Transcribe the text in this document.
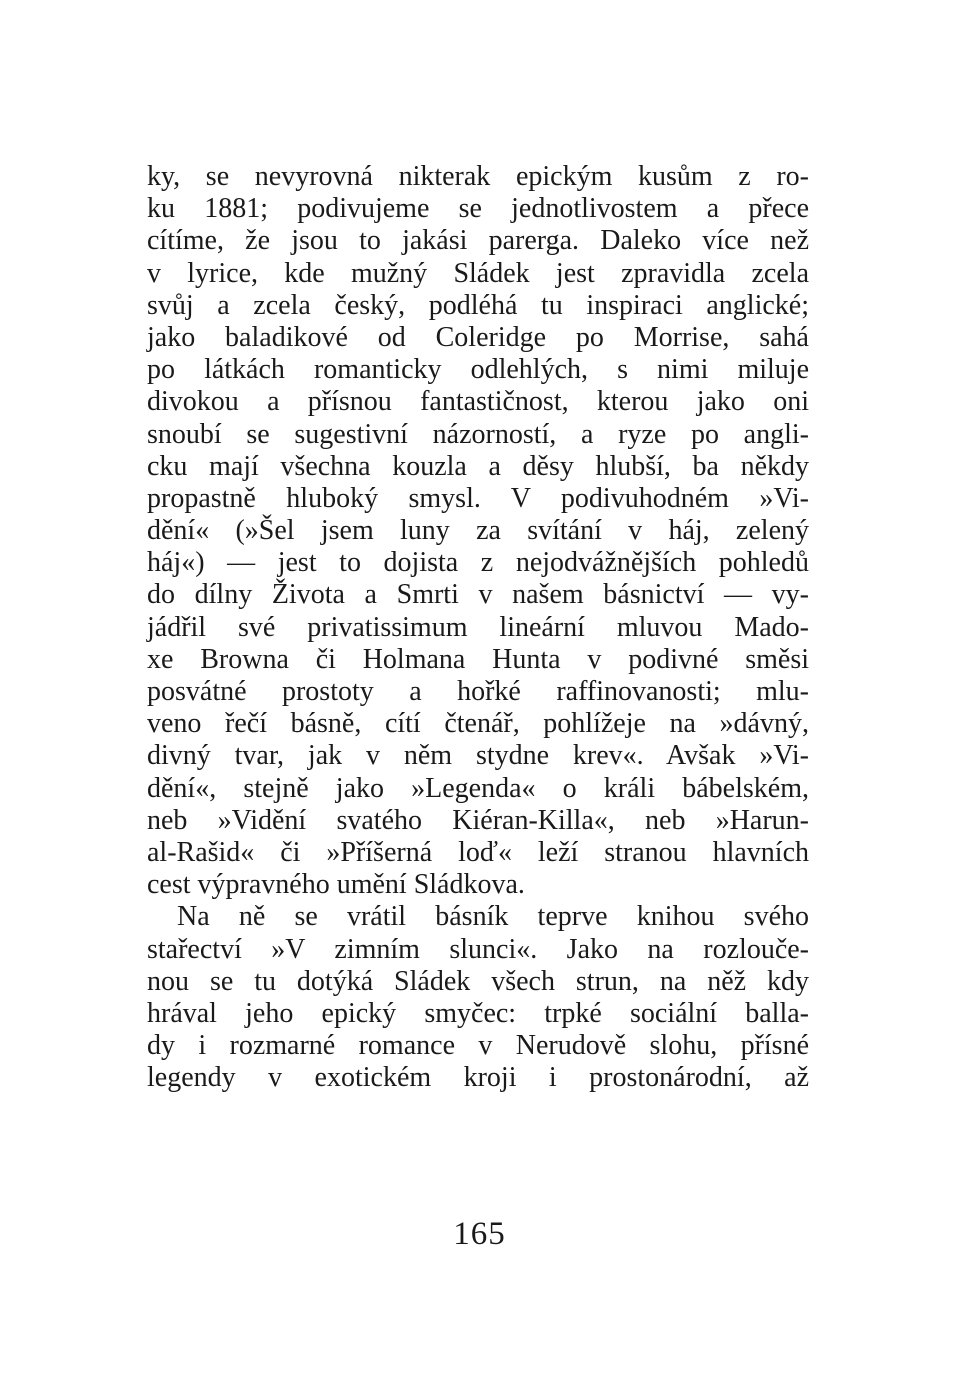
ky, se nevyrovná nikterak epickým kusům z ro-
ku 1881; podivujeme se jednotlivostem a přece
cítíme, že jsou to jakási parerga. Daleko více než
v lyrice, kde mužný Sládek jest zpravidla zcela
svůj a zcela český, podléhá tu inspiraci anglické;
jako baladikové od Coleridge po Morrise, sahá
po látkách romanticky odlehlých, s nimi miluje
divokou a přísnou fantastičnost, kterou jako oni
snoubí se sugestivní názorností, a ryze po angli-
cku mají všechna kouzla a děsy hlubší, ba někdy
propastně hluboký smysl. V podivuhodném »Vi-
dění« (»Šel jsem luny za svítání v háj, zelený
háj«) — jest to dojista z nejodvážnějších pohledů
do dílny Života a Smrti v našem básnictví — vy-
jádřil své privatissimum lineární mluvou Mado-
xe Browna či Holmana Hunta v podivné směsi
posvátné prostoty a hořké raffinovanosti; mlu-
veno řečí básně, cítí čtenář, pohlížeje na »dávný,
divný tvar, jak v něm stydne krev«. Avšak »Vi-
dění«, stejně jako »Legenda« o králi bábelském,
neb »Vidění svatého Kiéran-Killa«, neb »Harun-
al-Rašid« či »Příšerná loď« leží stranou hlavních
cest výpravného umění Sládkova.
Na ně se vrátil básník teprve knihou svého
stařectví »V zimním slunci«. Jako na rozlouče-
nou se tu dotýká Sládek všech strun, na něž kdy
hrával jeho epický smyčec: trpké sociální balla-
dy i rozmarné romance v Nerudově slohu, přísné
legendy v exotickém kroji i prostonárodní, až
165
